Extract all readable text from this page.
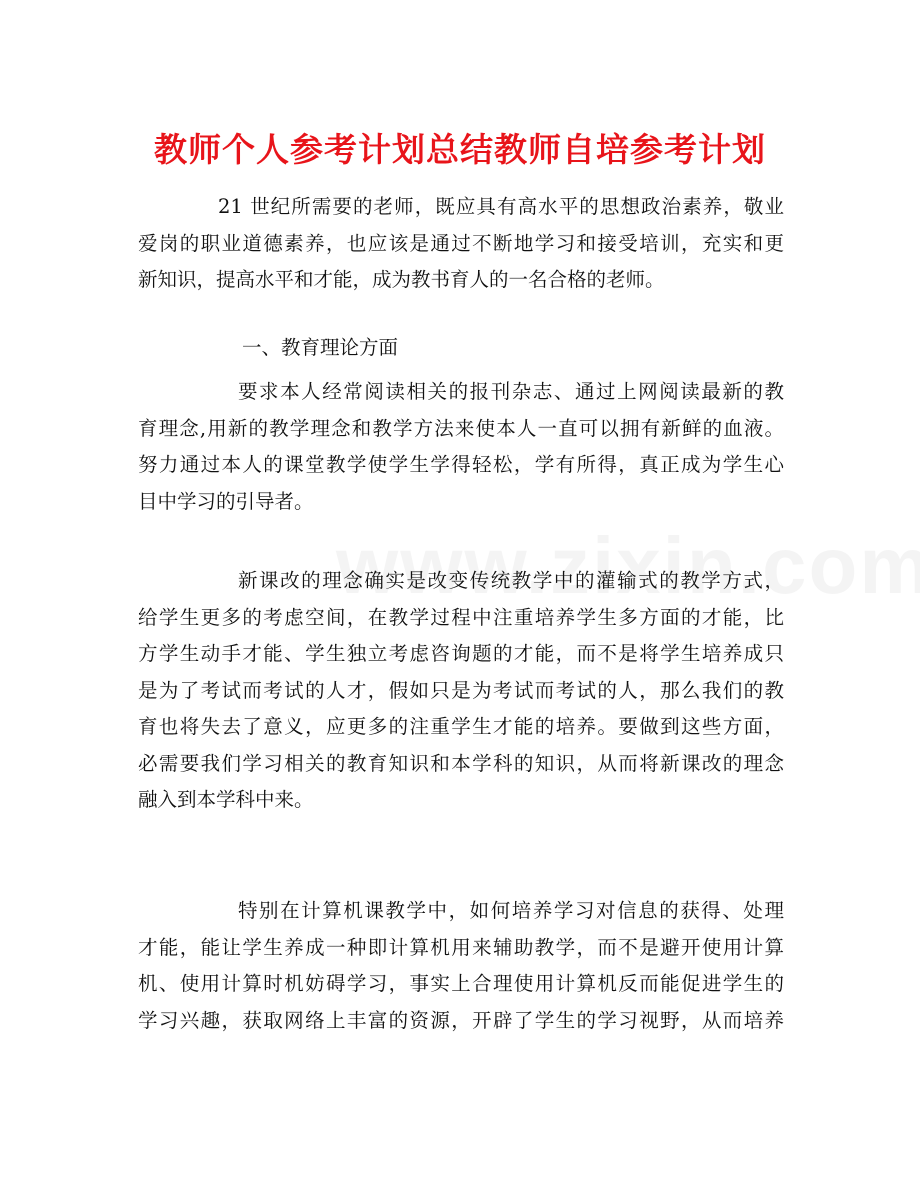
教师个人参考计划总结教师自培参考计划
21 世纪所需要的老师，既应具有高水平的思想政治素养，敬业
爱岗的职业道德素养，也应该是通过不断地学习和接受培训，充实和更
新知识，提高水平和才能，成为教书育人的一名合格的老师。
一、教育理论方面
要求本人经常阅读相关的报刊杂志、通过上网阅读最新的教
育理念,用新的教学理念和教学方法来使本人一直可以拥有新鲜的血液。
努力通过本人的课堂教学使学生学得轻松，学有所得，真正成为学生心
目中学习的引导者。
新课改的理念确实是改变传统教学中的灌输式的教学方式，
给学生更多的考虑空间，在教学过程中注重培养学生多方面的才能，比
方学生动手才能、学生独立考虑咨询题的才能，而不是将学生培养成只
是为了考试而考试的人才，假如只是为考试而考试的人，那么我们的教
育也将失去了意义，应更多的注重学生才能的培养。要做到这些方面，
必需要我们学习相关的教育知识和本学科的知识，从而将新课改的理念
融入到本学科中来。
特别在计算机课教学中，如何培养学习对信息的获得、处理
才能，能让学生养成一种即计算机用来辅助教学，而不是避开使用计算
机、使用计算时机妨碍学习，事实上合理使用计算机反而能促进学生的
学习兴趣，获取网络上丰富的资源，开辟了学生的学习视野，从而培养
